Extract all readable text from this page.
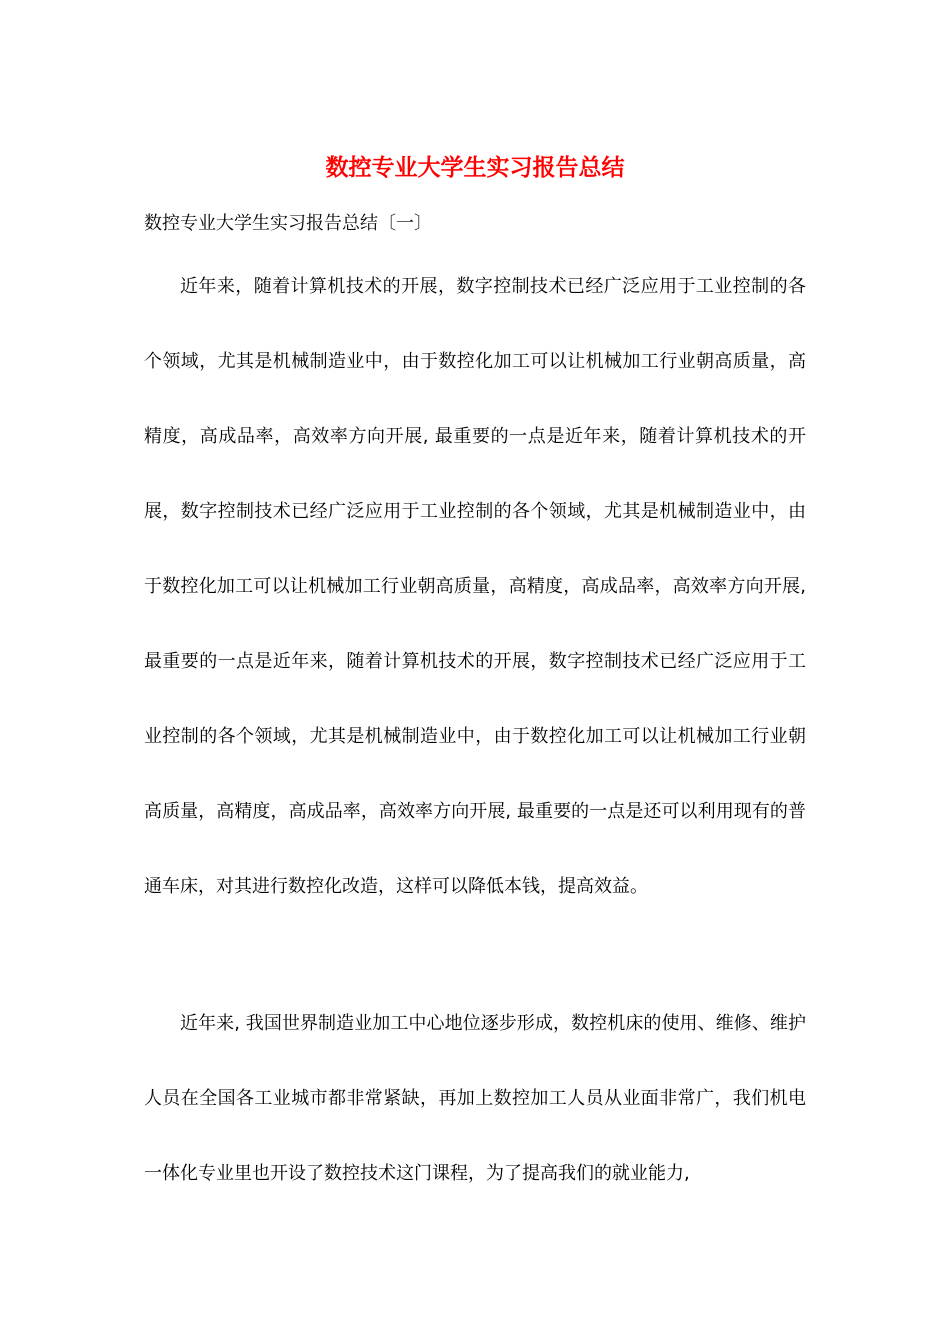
数控专业大学生实习报告总结

数控专业大学生实习报告总结〔一〕

近年来，随着计算机技术的开展，数字控制技术已经广泛应用于工业控制的各个领域，尤其是机械制造业中，由于数控化加工可以让机械加工行业朝高质量，高精度，高成品率，高效率方向开展, 最重要的一点是近年来，随着计算机技术的开展，数字控制技术已经广泛应用于工业控制的各个领域，尤其是机械制造业中，由于数控化加工可以让机械加工行业朝高质量，高精度，高成品率，高效率方向开展, 最重要的一点是近年来，随着计算机技术的开展，数字控制技术已经广泛应用于工业控制的各个领域，尤其是机械制造业中，由于数控化加工可以让机械加工行业朝高质量，高精度，高成品率，高效率方向开展, 最重要的一点是还可以利用现有的普通车床，对其进行数控化改造，这样可以降低本钱，提高效益。

近年来, 我国世界制造业加工中心地位逐步形成，数控机床的使用、维修、维护人员在全国各工业城市都非常紧缺，再加上数控加工人员从业面非常广，我们机电一体化专业里也开设了数控技术这门课程，为了提高我们的就业能力,
